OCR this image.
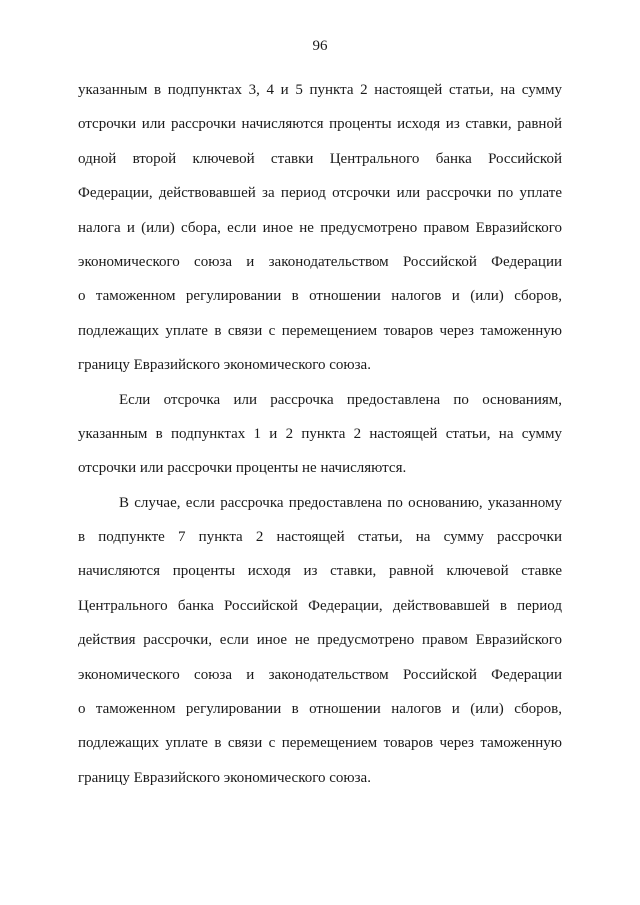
96
указанным в подпунктах 3, 4 и 5 пункта 2 настоящей статьи, на сумму
отсрочки или рассрочки начисляются проценты исходя из ставки, равной
одной второй ключевой ставки Центрального банка Российской
Федерации, действовавшей за период отсрочки или рассрочки по уплате
налога и (или) сбора, если иное не предусмотрено правом Евразийского
экономического союза и законодательством Российской Федерации
о таможенном регулировании в отношении налогов и (или) сборов,
подлежащих уплате в связи с перемещением товаров через таможенную
границу Евразийского экономического союза.
Если отсрочка или рассрочка предоставлена по основаниям,
указанным в подпунктах 1 и 2 пункта 2 настоящей статьи, на сумму
отсрочки или рассрочки проценты не начисляются.
В случае, если рассрочка предоставлена по основанию, указанному
в подпункте 7 пункта 2 настоящей статьи, на сумму рассрочки
начисляются проценты исходя из ставки, равной ключевой ставке
Центрального банка Российской Федерации, действовавшей в период
действия рассрочки, если иное не предусмотрено правом Евразийского
экономического союза и законодательством Российской Федерации
о таможенном регулировании в отношении налогов и (или) сборов,
подлежащих уплате в связи с перемещением товаров через таможенную
границу Евразийского экономического союза.
